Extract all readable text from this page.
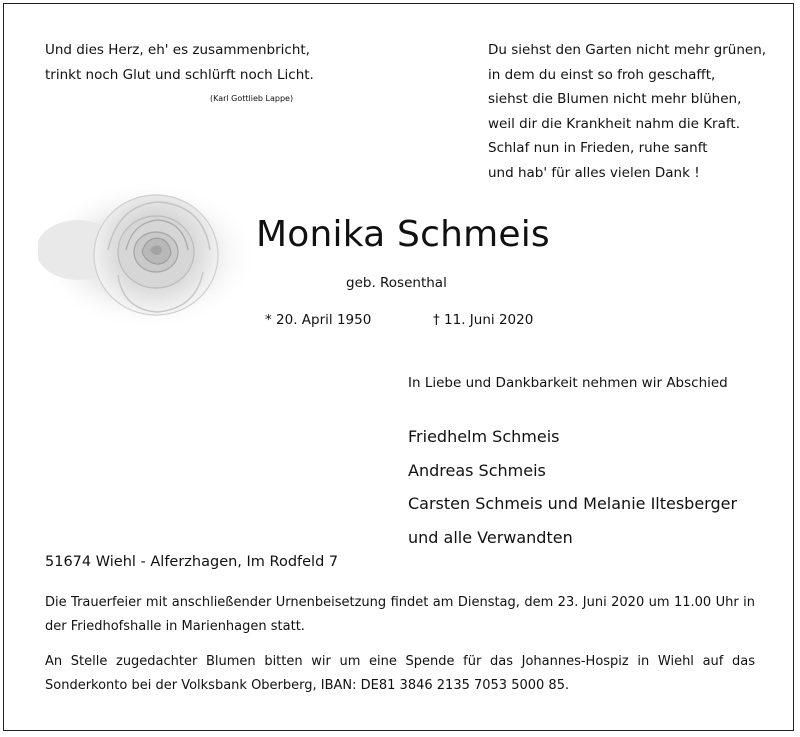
Und dies Herz, eh' es zusammenbricht,
trinkt noch Glut und schlürft noch Licht.
(Karl Gottlieb Lappe)
Du siehst den Garten nicht mehr grünen,
in dem du einst so froh geschafft,
siehst die Blumen nicht mehr blühen,
weil dir die Krankheit nahm die Kraft.
Schlaf nun in Frieden, ruhe sanft
und hab' für alles vielen Dank !
Monika Schmeis
geb. Rosenthal
* 20. April 1950	† 11. Juni 2020
In Liebe und Dankbarkeit nehmen wir Abschied
Friedhelm Schmeis
Andreas Schmeis
Carsten Schmeis und Melanie Iltesberger
und alle Verwandten
51674 Wiehl - Alferzhagen, Im Rodfeld 7
Die Trauerfeier mit anschließender Urnenbeisetzung findet am Dienstag, dem 23. Juni 2020 um 11.00 Uhr in der Friedhofshalle in Marienhagen statt.
An Stelle zugedachter Blumen bitten wir um eine Spende für das Johannes-Hospiz in Wiehl auf das Sonderkonto bei der Volksbank Oberberg, IBAN: DE81 3846 2135 7053 5000 85.
